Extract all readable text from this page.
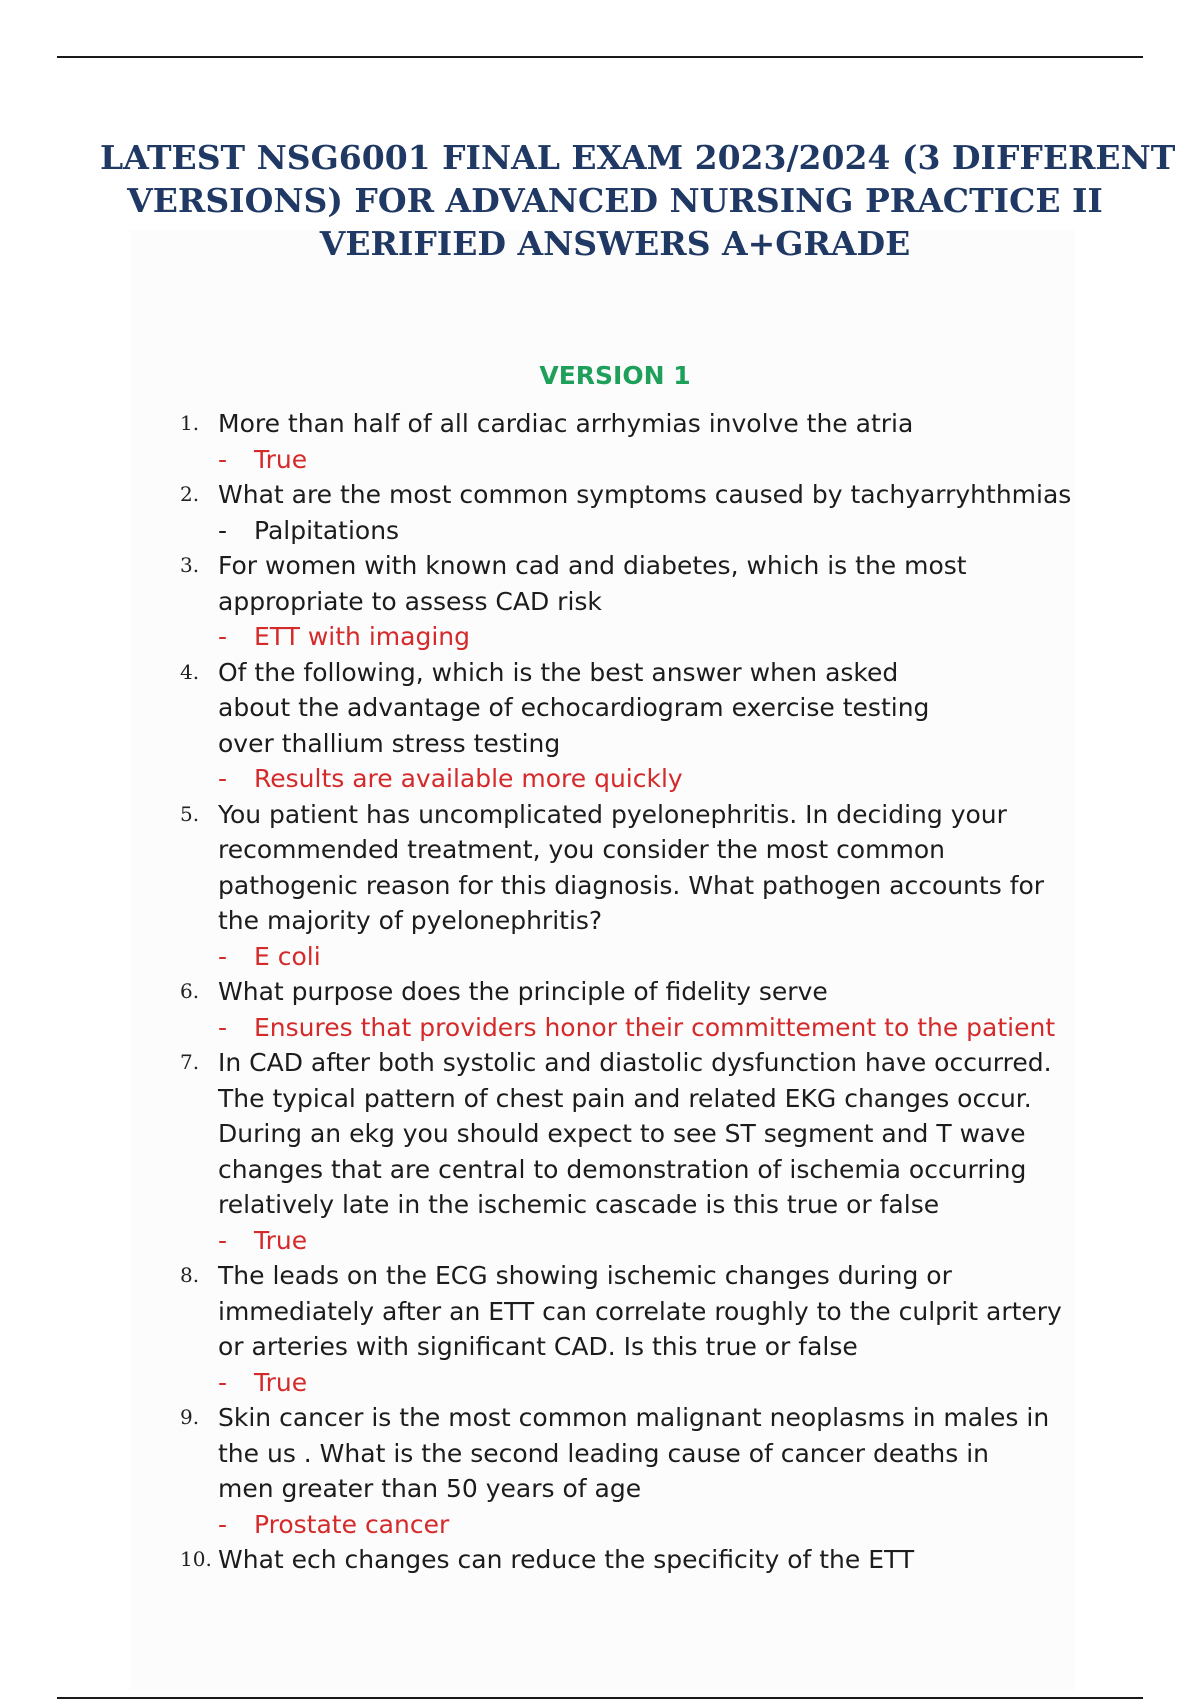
LATEST NSG6001 FINAL EXAM 2023/2024 (3 DIFFERENT
VERSIONS) FOR ADVANCED NURSING PRACTICE II
VERIFIED ANSWERS A+GRADE
VERSION 1
1. More than half of all cardiac arrhymias involve the atria
- True
2. What are the most common symptoms caused by tachyarryhthmias
- Palpitations
3. For women with known cad and diabetes, which is the most
appropriate to assess CAD risk
- ETT with imaging
4. Of the following, which is the best answer when asked
about the advantage of echocardiogram exercise testing
over thallium stress testing
- Results are available more quickly
5. You patient has uncomplicated pyelonephritis. In deciding your
recommended treatment, you consider the most common
pathogenic reason for this diagnosis. What pathogen accounts for
the majority of pyelonephritis?
- E coli
6. What purpose does the principle of fidelity serve
- Ensures that providers honor their committement to the patient
7. In CAD after both systolic and diastolic dysfunction have occurred.
The typical pattern of chest pain and related EKG changes occur.
During an ekg you should expect to see ST segment and T wave
changes that are central to demonstration of ischemia occurring
relatively late in the ischemic cascade is this true or false
- True
8. The leads on the ECG showing ischemic changes during or
immediately after an ETT can correlate roughly to the culprit artery
or arteries with significant CAD. Is this true or false
- True
9. Skin cancer is the most common malignant neoplasms in males in
the us . What is the second leading cause of cancer deaths in
men greater than 50 years of age
- Prostate cancer
10. What ech changes can reduce the specificity of the ETT
